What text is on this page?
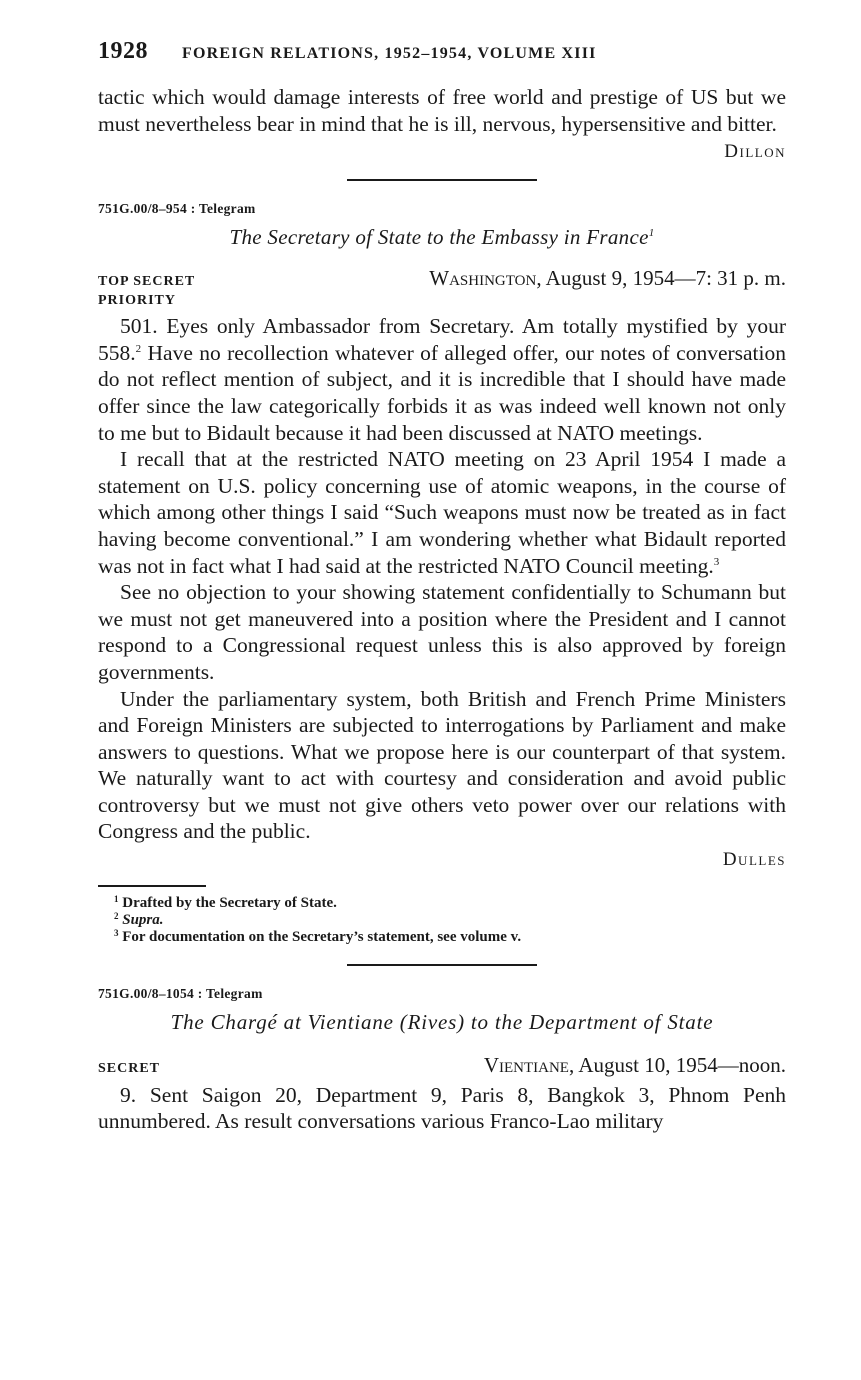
1928 FOREIGN RELATIONS, 1952–1954, VOLUME XIII

tactic which would damage interests of free world and prestige of US but we must nevertheless bear in mind that he is ill, nervous, hypersensitive and bitter.

Dillon
751G.00/8–954 : Telegram
The Secretary of State to the Embassy in France$^1$
TOP SECRET	Washington, August 9, 1954—7: 31 p. m.
PRIORITY

501. Eyes only Ambassador from Secretary. Am totally mystified by your 558.$^2$ Have no recollection whatever of alleged offer, our notes of conversation do not reflect mention of subject, and it is incredible that I should have made offer since the law categorically forbids it as was indeed well known not only to me but to Bidault because it had been discussed at NATO meetings.

I recall that at the restricted NATO meeting on 23 April 1954 I made a statement on U.S. policy concerning use of atomic weapons, in the course of which among other things I said “Such weapons must now be treated as in fact having become conventional.” I am wondering whether what Bidault reported was not in fact what I had said at the restricted NATO Council meeting.$^3$

See no objection to your showing statement confidentially to Schumann but we must not get maneuvered into a position where the President and I cannot respond to a Congressional request unless this is also approved by foreign governments.

Under the parliamentary system, both British and French Prime Ministers and Foreign Ministers are subjected to interrogations by Parliament and make answers to questions. What we propose here is our counterpart of that system. We naturally want to act with courtesy and consideration and avoid public controversy but we must not give others veto power over our relations with Congress and the public.

Dulles
$^1$ Drafted by the Secretary of State.
$^2$ Supra.
$^3$ For documentation on the Secretary’s statement, see volume v.
751G.00/8–1054 : Telegram
The Chargé at Vientiane (Rives) to the Department of State
SECRET	Vientiane, August 10, 1954—noon.

9. Sent Saigon 20, Department 9, Paris 8, Bangkok 3, Phnom Penh unnumbered. As result conversations various Franco-Lao military
